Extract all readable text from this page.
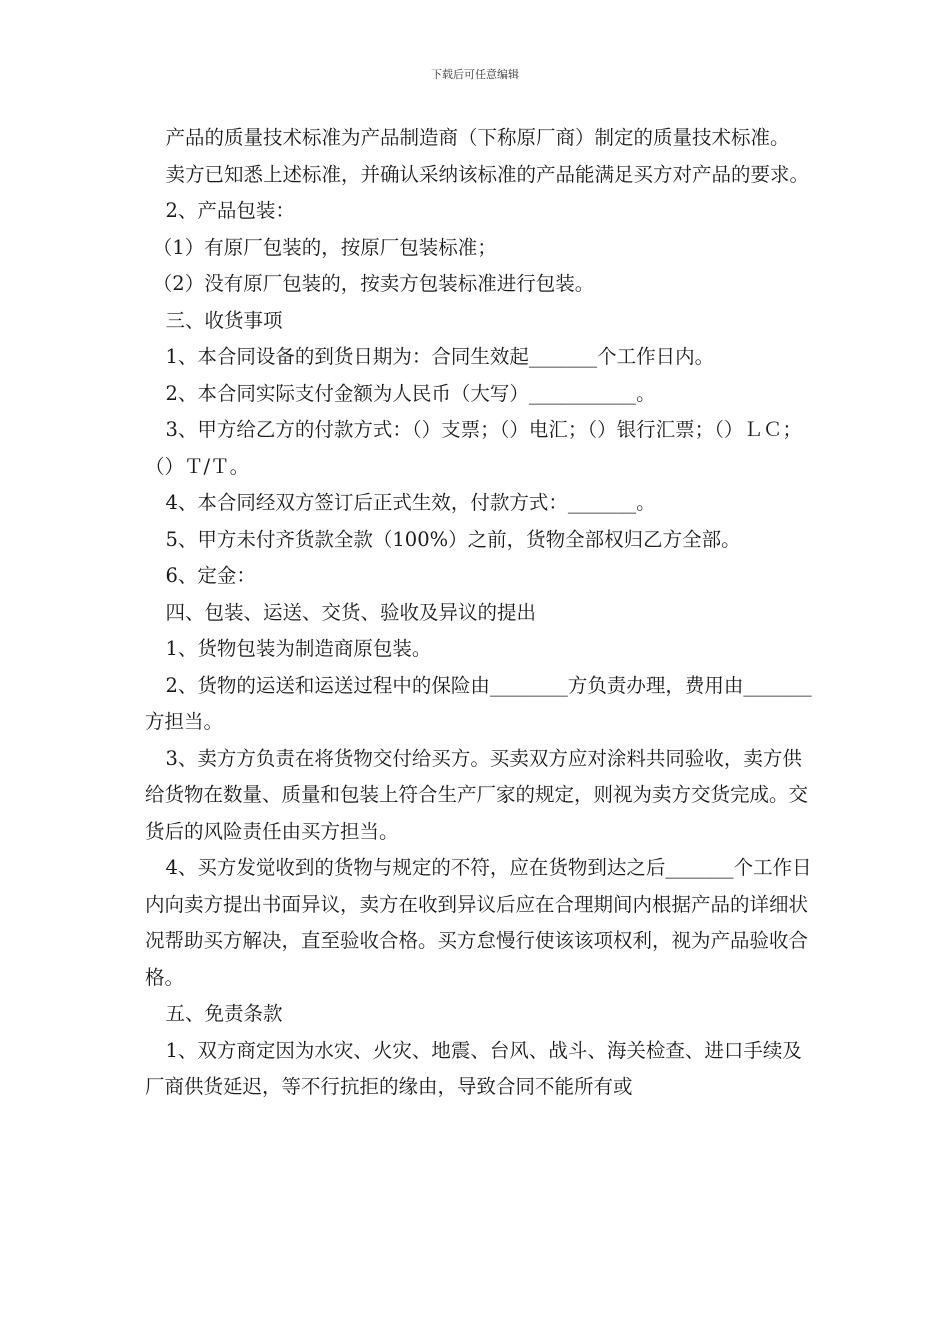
下载后可任意编辑

产品的质量技术标准为产品制造商（下称原厂商）制定的质量技术标准。

卖方已知悉上述标准，并确认采纳该标准的产品能满足买方对产品的要求。

2、产品包装：

（1）有原厂包装的，按原厂包装标准；

（2）没有原厂包装的，按卖方包装标准进行包装。

三、收货事项

1、本合同设备的到货日期为：合同生效起_______个工作日内。

2、本合同实际支付金额为人民币（大写）___________。

3、甲方给乙方的付款方式：（）支票；（）电汇；（）银行汇票；（）ＬＣ；（）Ｔ/Ｔ。

4、本合同经双方签订后正式生效，付款方式：_______。

5、甲方未付齐货款全款（100%）之前，货物全部权归乙方全部。

6、定金：

四、包装、运送、交货、验收及异议的提出

1、货物包装为制造商原包装。

2、货物的运送和运送过程中的保险由________方负责办理，费用由_______方担当。

3、卖方方负责在将货物交付给买方。买卖双方应对涂料共同验收，卖方供给货物在数量、质量和包装上符合生产厂家的规定，则视为卖方交货完成。交货后的风险责任由买方担当。

4、买方发觉收到的货物与规定的不符，应在货物到达之后_______个工作日内向卖方提出书面异议，卖方在收到异议后应在合理期间内根据产品的详细状况帮助买方解决，直至验收合格。买方怠慢行使该该项权利，视为产品验收合格。

五、免责条款

1、双方商定因为水灾、火灾、地震、台风、战斗、海关检查、进口手续及厂商供货延迟，等不行抗拒的缘由，导致合同不能所有或
